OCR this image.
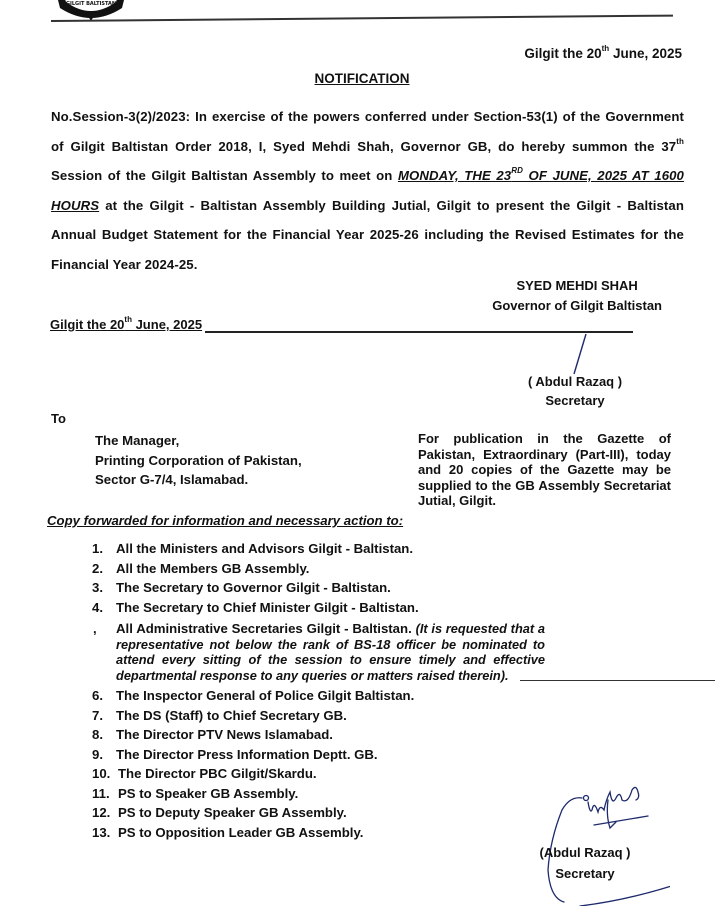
GILGIT BALTISTAN
Gilgit the 20th June, 2025
NOTIFICATION
No.Session-3(2)/2023: In exercise of the powers conferred under Section-53(1) of the Government of Gilgit Baltistan Order 2018, I, Syed Mehdi Shah, Governor GB, do hereby summon the 37th Session of the Gilgit Baltistan Assembly to meet on MONDAY, THE 23RD OF JUNE, 2025 AT 1600 HOURS at the Gilgit - Baltistan Assembly Building Jutial, Gilgit to present the Gilgit - Baltistan Annual Budget Statement for the Financial Year 2025-26 including the Revised Estimates for the Financial Year 2024-25.
SYED MEHDI SHAH
Governor of Gilgit Baltistan
Gilgit the 20th June, 2025
( Abdul Razaq )
Secretary
To
The Manager,
Printing Corporation of Pakistan,
Sector G-7/4, Islamabad.
For publication in the Gazette of Pakistan, Extraordinary (Part-III), today and 20 copies of the Gazette may be supplied to the GB Assembly Secretariat Jutial, Gilgit.
Copy forwarded for information and necessary action to:
1. All the Ministers and Advisors Gilgit - Baltistan.
2. All the Members GB Assembly.
3. The Secretary to Governor Gilgit - Baltistan.
4. The Secretary to Chief Minister Gilgit - Baltistan.
, All Administrative Secretaries Gilgit - Baltistan. (It is requested that a representative not below the rank of BS-18 officer be nominated to attend every sitting of the session to ensure timely and effective departmental response to any queries or matters raised therein).
6. The Inspector General of Police Gilgit Baltistan.
7. The DS (Staff) to Chief Secretary GB.
8. The Director PTV News Islamabad.
9. The Director Press Information Deptt. GB.
10. The Director PBC Gilgit/Skardu.
11. PS to Speaker GB Assembly.
12. PS to Deputy Speaker GB Assembly.
13. PS to Opposition Leader GB Assembly.
(Abdul Razaq )
Secretary
